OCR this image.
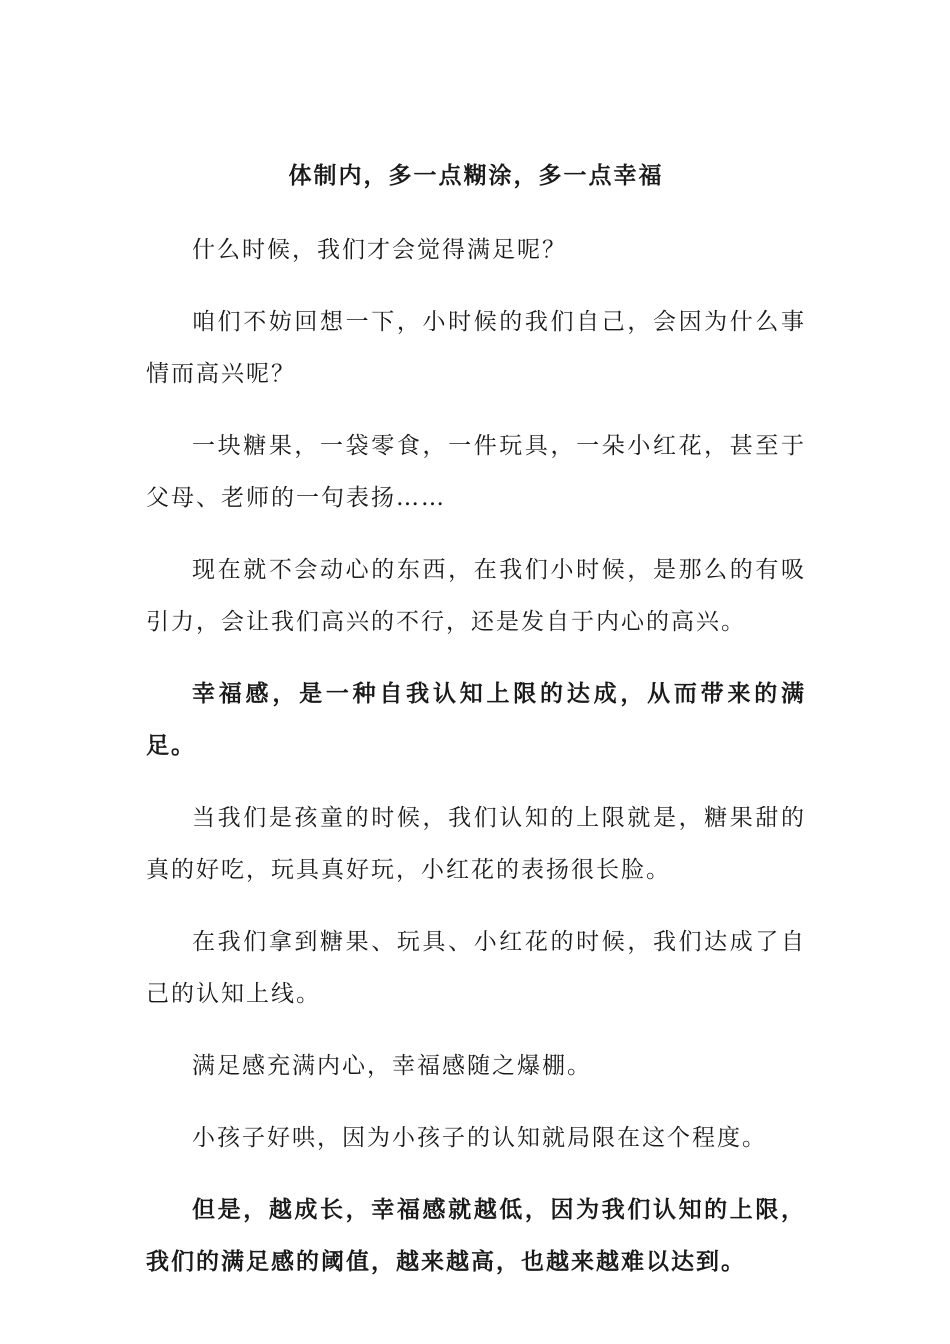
体制内，多一点糊涂，多一点幸福

什么时候，我们才会觉得满足呢？

咱们不妨回想一下，小时候的我们自己，会因为什么事情而高兴呢？

一块糖果，一袋零食，一件玩具，一朵小红花，甚至于父母、老师的一句表扬……

现在就不会动心的东西，在我们小时候，是那么的有吸引力，会让我们高兴的不行，还是发自于内心的高兴。

幸福感，是一种自我认知上限的达成，从而带来的满足。

当我们是孩童的时候，我们认知的上限就是，糖果甜的真的好吃，玩具真好玩，小红花的表扬很长脸。

在我们拿到糖果、玩具、小红花的时候，我们达成了自己的认知上线。

满足感充满内心，幸福感随之爆棚。

小孩子好哄，因为小孩子的认知就局限在这个程度。

但是，越成长，幸福感就越低，因为我们认知的上限，我们的满足感的阈值，越来越高，也越来越难以达到。
